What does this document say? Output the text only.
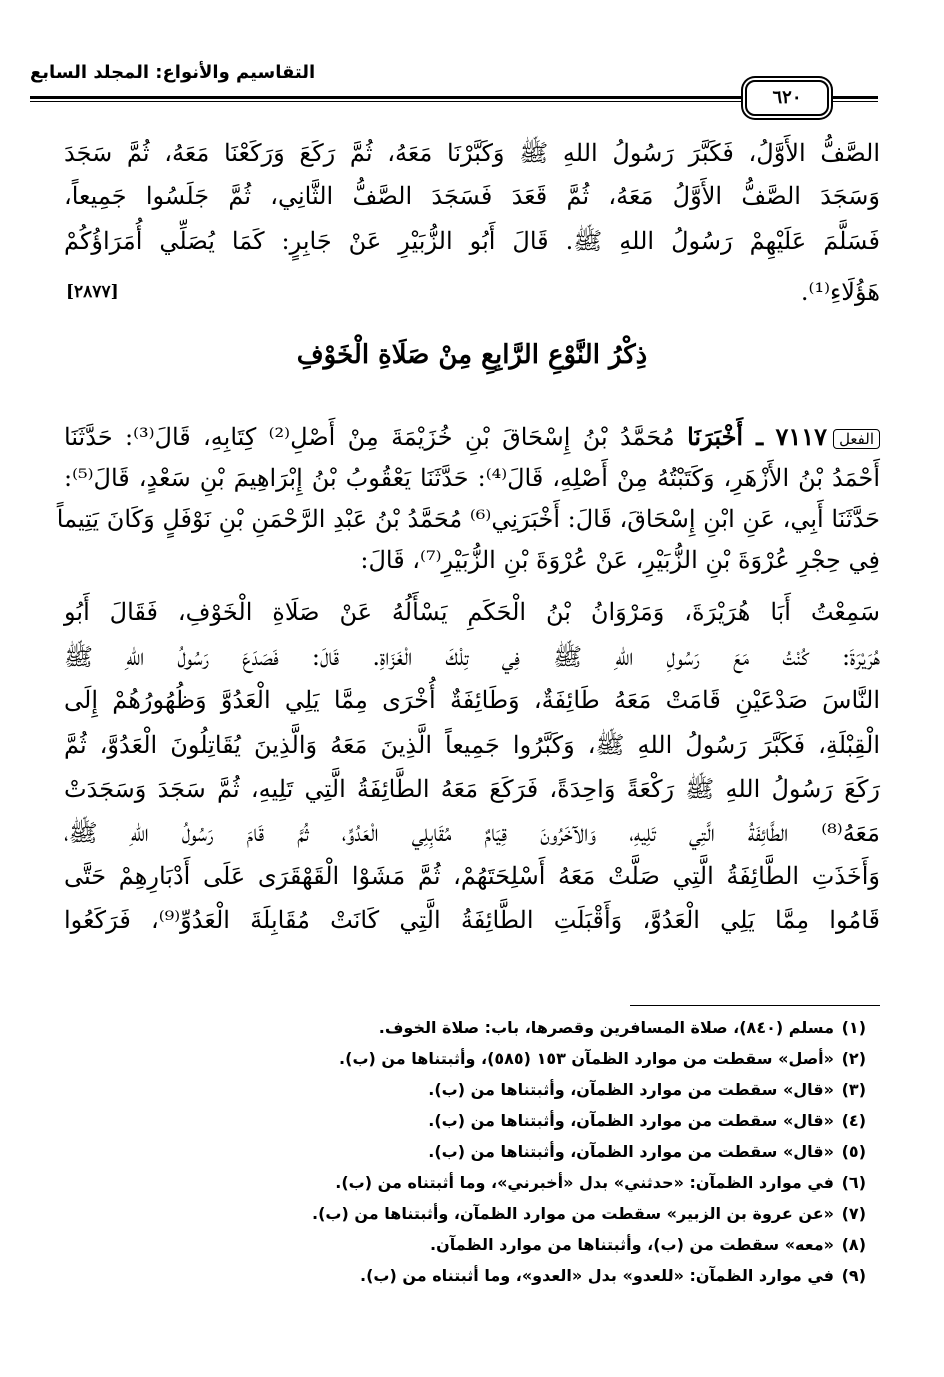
التقاسيم والأنواع: المجلد السابع
٦٢٠
الصَّفُّ الأَوَّلُ، فَكَبَّرَ رَسُولُ اللهِ ﷺ وَكَبَّرْنَا مَعَهُ، ثُمَّ رَكَعَ وَرَكَعْنَا مَعَهُ، ثُمَّ سَجَدَ
وَسَجَدَ الصَّفُّ الأَوَّلُ مَعَهُ، ثُمَّ قَعَدَ فَسَجَدَ الصَّفُّ الثَّانِي، ثُمَّ جَلَسُوا جَمِيعاً،
فَسَلَّمَ عَلَيْهِمْ رَسُولُ اللهِ ﷺ. قَالَ أَبُو الزُّبَيْرِ عَنْ جَابِرٍ: كَمَا يُصَلِّي أُمَرَاؤُكُمْ
هَؤُلَاءِ⁽¹⁾.
[٢٨٧٧]
ذِكْرُ النَّوْعِ الرَّابِعِ مِنْ صَلَاةِ الْخَوْفِ
الفعل٧١١٧ ـ أَخْبَرَنَا مُحَمَّدُ بْنُ إِسْحَاقَ بْنِ خُزَيْمَةَ مِنْ أَصْلِ⁽²⁾ كِتَابِهِ، قَالَ⁽³⁾: حَدَّثَنَا
أَحْمَدُ بْنُ الأَزْهَرِ، وَكَتَبْتُهُ مِنْ أَصْلِهِ، قَالَ⁽⁴⁾: حَدَّثَنَا يَعْقُوبُ بْنُ إِبْرَاهِيمَ بْنِ سَعْدٍ، قَالَ⁽⁵⁾:
حَدَّثَنَا أَبِي، عَنِ ابْنِ إِسْحَاقَ، قَالَ: أَخْبَرَنِي⁽⁶⁾ مُحَمَّدُ بْنُ عَبْدِ الرَّحْمَنِ بْنِ نَوْفَلٍ وَكَانَ يَتِيماً
فِي حِجْرِ عُرْوَةَ بْنِ الزُّبَيْرِ، عَنْ عُرْوَةَ بْنِ الزُّبَيْرِ⁽⁷⁾، قَالَ:
سَمِعْتُ أَبَا هُرَيْرَةَ، وَمَرْوَانُ بْنُ الْحَكَمِ يَسْأَلُهُ عَنْ صَلَاةِ الْخَوْفِ، فَقَالَ أَبُو
هُرَيْرَةَ: كُنْتُ مَعَ رَسُولِ اللهِ ﷺ فِي تِلْكَ الْغَزَاةِ. قَالَ: فَصَدَعَ رَسُولُ اللهِ ﷺ
النَّاسَ صَدْعَيْنِ قَامَتْ مَعَهُ طَائِفَةٌ، وَطَائِفَةٌ أُخْرَى مِمَّا يَلِي الْعَدُوَّ وَظُهُورُهُمْ إِلَى
الْقِبْلَةِ، فَكَبَّرَ رَسُولُ اللهِ ﷺ، وَكَبَّرُوا جَمِيعاً الَّذِينَ مَعَهُ وَالَّذِينَ يُقَاتِلُونَ الْعَدُوَّ، ثُمَّ
رَكَعَ رَسُولُ اللهِ ﷺ رَكْعَةً وَاحِدَةً، فَرَكَعَ مَعَهُ الطَّائِفَةُ الَّتِي تَلِيهِ، ثُمَّ سَجَدَ وَسَجَدَتْ
مَعَهُ⁽⁸⁾ الطَّائِفَةُ الَّتِي تَلِيهِ، وَالآخَرُونَ قِيَامٌ مُقَابِلِي الْعَدُوِّ، ثُمَّ قَامَ رَسُولُ اللهِ ﷺ،
وَأَخَذَتِ الطَّائِفَةُ الَّتِي صَلَّتْ مَعَهُ أَسْلِحَتَهُمْ، ثُمَّ مَشَوْا الْقَهْقَرَى عَلَى أَدْبَارِهِمْ حَتَّى
قَامُوا مِمَّا يَلِي الْعَدُوَّ، وَأَقْبَلَتِ الطَّائِفَةُ الَّتِي كَانَتْ مُقَابِلَةَ الْعَدُوِّ⁽⁹⁾، فَرَكَعُوا
(١)مسلم (٨٤٠)، صلاة المسافرين وقصرها، باب: صلاة الخوف.
(٢)«أصل» سقطت من موارد الظمآن ١٥٣ (٥٨٥)، وأثبتناها من (ب).
(٣)«قال» سقطت من موارد الظمآن، وأثبتناها من (ب).
(٤)«قال» سقطت من موارد الظمآن، وأثبتناها من (ب).
(٥)«قال» سقطت من موارد الظمآن، وأثبتناها من (ب).
(٦)في موارد الظمآن: «حدثني» بدل «أخبرني»، وما أثبتناه من (ب).
(٧)«عن عروة بن الزبير» سقطت من موارد الظمآن، وأثبتناها من (ب).
(٨)«معه» سقطت من (ب)، وأثبتناها من موارد الظمآن.
(٩)في موارد الظمآن: «للعدو» بدل «العدو»، وما أثبتناه من (ب).
